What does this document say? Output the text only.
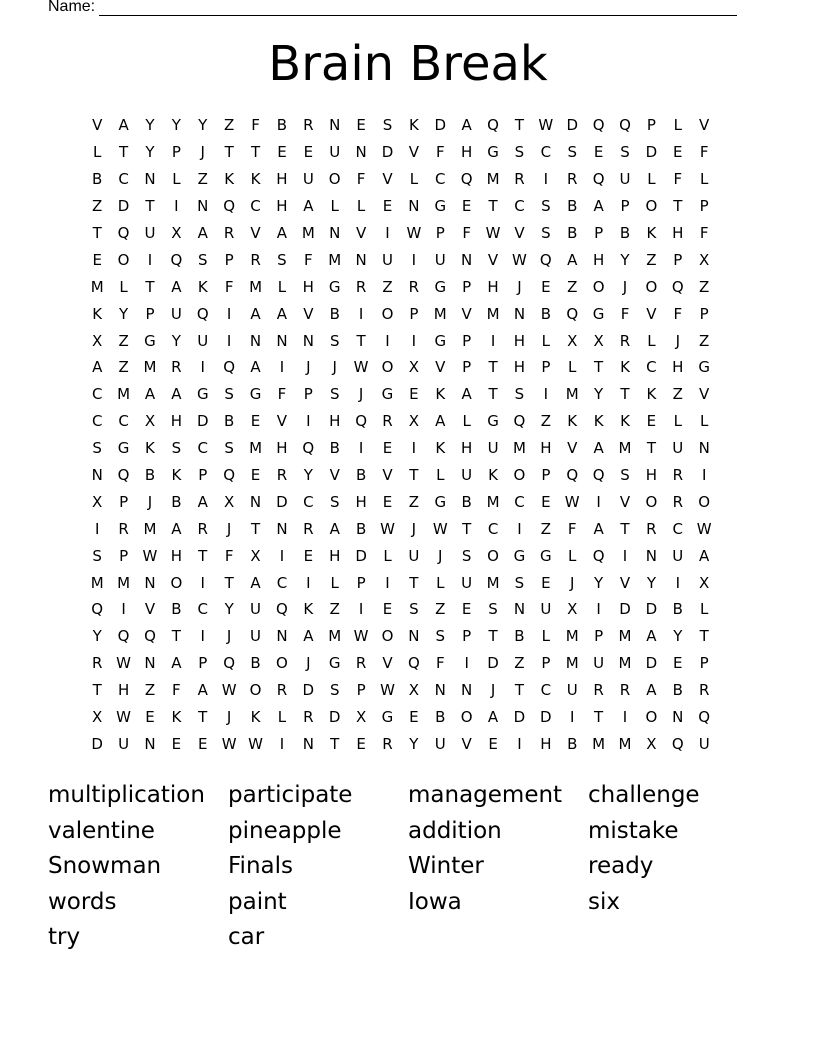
Name:
Brain Break
V	A	Y	Y	Y	Z	F	B	R	N	E	S	K	D	A	Q	T W D Q Q	P	L	V
L	T	Y	P	J	T	T	E	E	U	N D	V	F	H G	S	C	S	E	S	D	E	F
B	C	N	L	Z	K	K	H	U O	F	V	L	C	Q M R	I	R	Q	U	L	F	L
Z	D	T	I	N Q	C	H	A	L	L	E	N G	E	T	C	S	B	A	P	O	T	P
T	Q	U	X	A	R	V	A M N	V	I	W P	F W V	S	B	P	B	K	H	F
E	O	I	Q	S	P	R	S	F	M N	U	I	U	N	V W Q	A	H	Y	Z	P	X
M	L	T	A	K	F	M	L	H G	R	Z	R	G	P	H	J	E	Z	O	J	O Q	Z
K	Y	P	U Q	I	A	A	V	B	I	O	P	M V M N	B	Q G	F	V	F	P
X	Z	G	Y	U	I	N	N	N	S	T	I	I	G	P	I	H	L	X	X	R	L	J	Z
A	Z M R	I	Q	A	I	J	J	W O	X	V	P	T	H	P	L	T	K	C	H G
C M A	A	G	S	G	F	P	S	J	G	E	K	A	T	S	I	M	Y	T	K	Z	V
C	C	X	H D	B	E	V	I	H Q	R	X	A	L	G Q	Z	K	K	K	E	L	L
S	G	K	S	C	S	M H Q	B	I	E	I	K	H	U M H	V	A M	T	U	N
N Q	B	K	P	Q	E	R	Y	V	B	V	T	L	U	K	O	P	Q Q	S	H	R	I
X	P	J	B	A	X	N D	C	S	H	E	Z	G	B M C	E W	I	V	O	R	O
I	R M A	R	J	T	N	R	A	B W	J	W T	C	I	Z	F	A	T	R	C W
S	P W H	T	F	X	I	E	H D	L	U	J	S	O G G	L	Q	I	N	U	A
M M N O	I	T	A	C	I	L	P	I	T	L	U M	S	E	J	Y	V	Y	I	X
Q	I	V	B	C	Y	U Q	K	Z	I	E	S	Z	E	S	N	U	X	I	D D	B	L
Y	Q Q	T	I	J	U	N	A M W O N	S	P	T	B	L	M	P	M A	Y	T
R W N	A	P	Q	B	O	J	G	R	V	Q	F	I	D	Z	P	M U M D	E	P
T	H	Z	F	A W O	R	D	S	P W X	N	N	J	T	C	U	R	R	A	B	R
X W E	K	T	J	K	L	R	D	X	G	E	B	O	A	D D	I	T	I	O N Q
D	U	N	E	E W W	I	N	T	E	R	Y	U	V	E	I	H	B M M X	Q	U
multiplication	participate	management	challenge
valentine	pineapple	addition	mistake
Snowman	Finals	Winter	ready
words	paint	Iowa	six
try	car
